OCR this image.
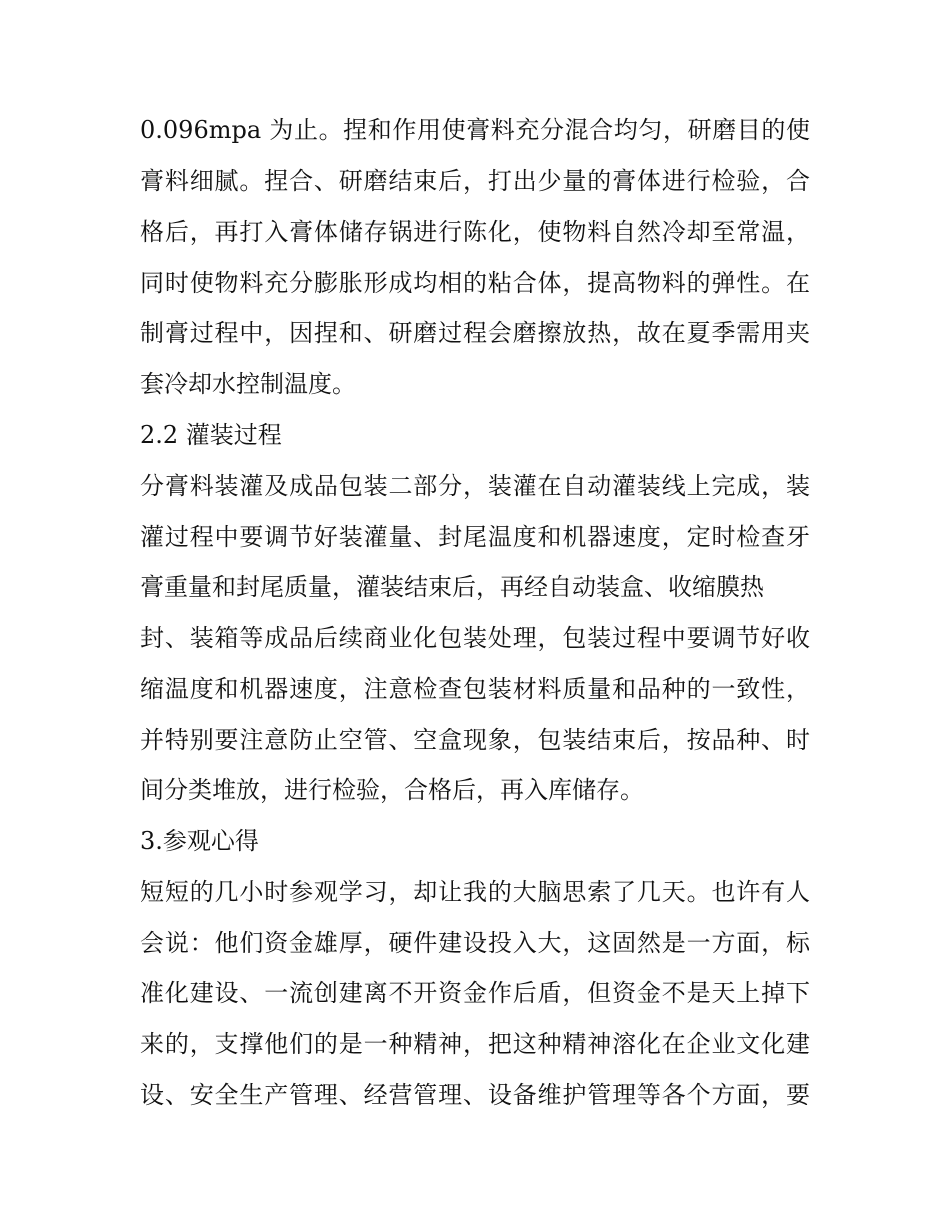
0.096mpa 为止。捏和作用使膏料充分混合均匀，研磨目的使
膏料细腻。捏合、研磨结束后，打出少量的膏体进行检验，合
格后，再打入膏体储存锅进行陈化，使物料自然冷却至常温，
同时使物料充分膨胀形成均相的粘合体，提高物料的弹性。在
制膏过程中，因捏和、研磨过程会磨擦放热，故在夏季需用夹
套冷却水控制温度。
2.2 灌装过程
分膏料装灌及成品包装二部分，装灌在自动灌装线上完成，装
灌过程中要调节好装灌量、封尾温度和机器速度，定时检查牙
膏重量和封尾质量，灌装结束后，再经自动装盒、收缩膜热
封、装箱等成品后续商业化包装处理，包装过程中要调节好收
缩温度和机器速度，注意检查包装材料质量和品种的一致性，
并特别要注意防止空管、空盒现象，包装结束后，按品种、时
间分类堆放，进行检验，合格后，再入库储存。
3.参观心得
短短的几小时参观学习，却让我的大脑思索了几天。也许有人
会说：他们资金雄厚，硬件建设投入大，这固然是一方面，标
准化建设、一流创建离不开资金作后盾，但资金不是天上掉下
来的，支撑他们的是一种精神，把这种精神溶化在企业文化建
设、安全生产管理、经营管理、设备维护管理等各个方面，要
